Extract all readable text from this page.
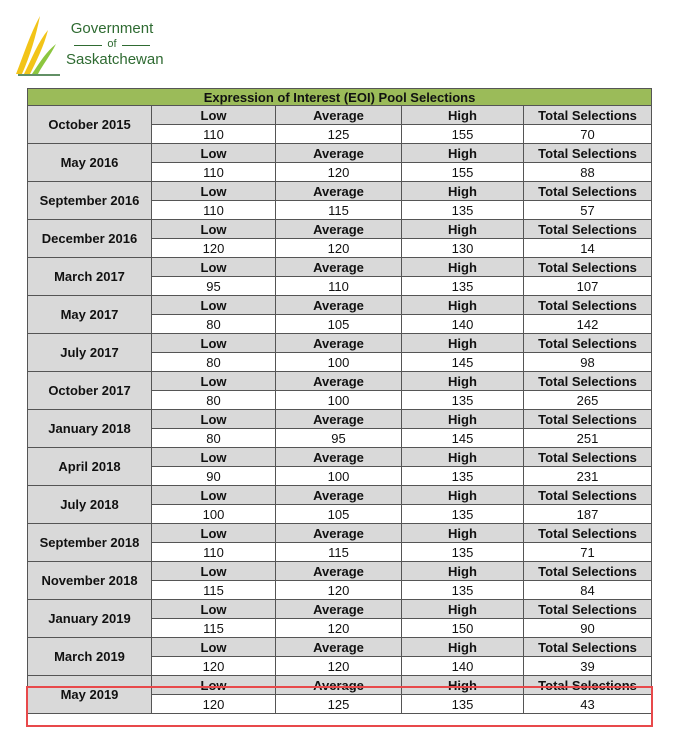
Government
of
Saskatchewan
Expression of Interest (EOI) Pool Selections				
October 2015	Low	Average	High	Total Selections
	110	125	155	70
May 2016	Low	Average	High	Total Selections
	110	120	155	88
September 2016	Low	Average	High	Total Selections
	110	115	135	57
December 2016	Low	Average	High	Total Selections
	120	120	130	14
March 2017	Low	Average	High	Total Selections
	95	110	135	107
May 2017	Low	Average	High	Total Selections
	80	105	140	142
July 2017	Low	Average	High	Total Selections
	80	100	145	98
October 2017	Low	Average	High	Total Selections
	80	100	135	265
January 2018	Low	Average	High	Total Selections
	80	95	145	251
April 2018	Low	Average	High	Total Selections
	90	100	135	231
July 2018	Low	Average	High	Total Selections
	100	105	135	187
September 2018	Low	Average	High	Total Selections
	110	115	135	71
November 2018	Low	Average	High	Total Selections
	115	120	135	84
January 2019	Low	Average	High	Total Selections
	115	120	150	90
March 2019	Low	Average	High	Total Selections
	120	120	140	39
May 2019	Low	Average	High	Total Selections
	120	125	135	43
